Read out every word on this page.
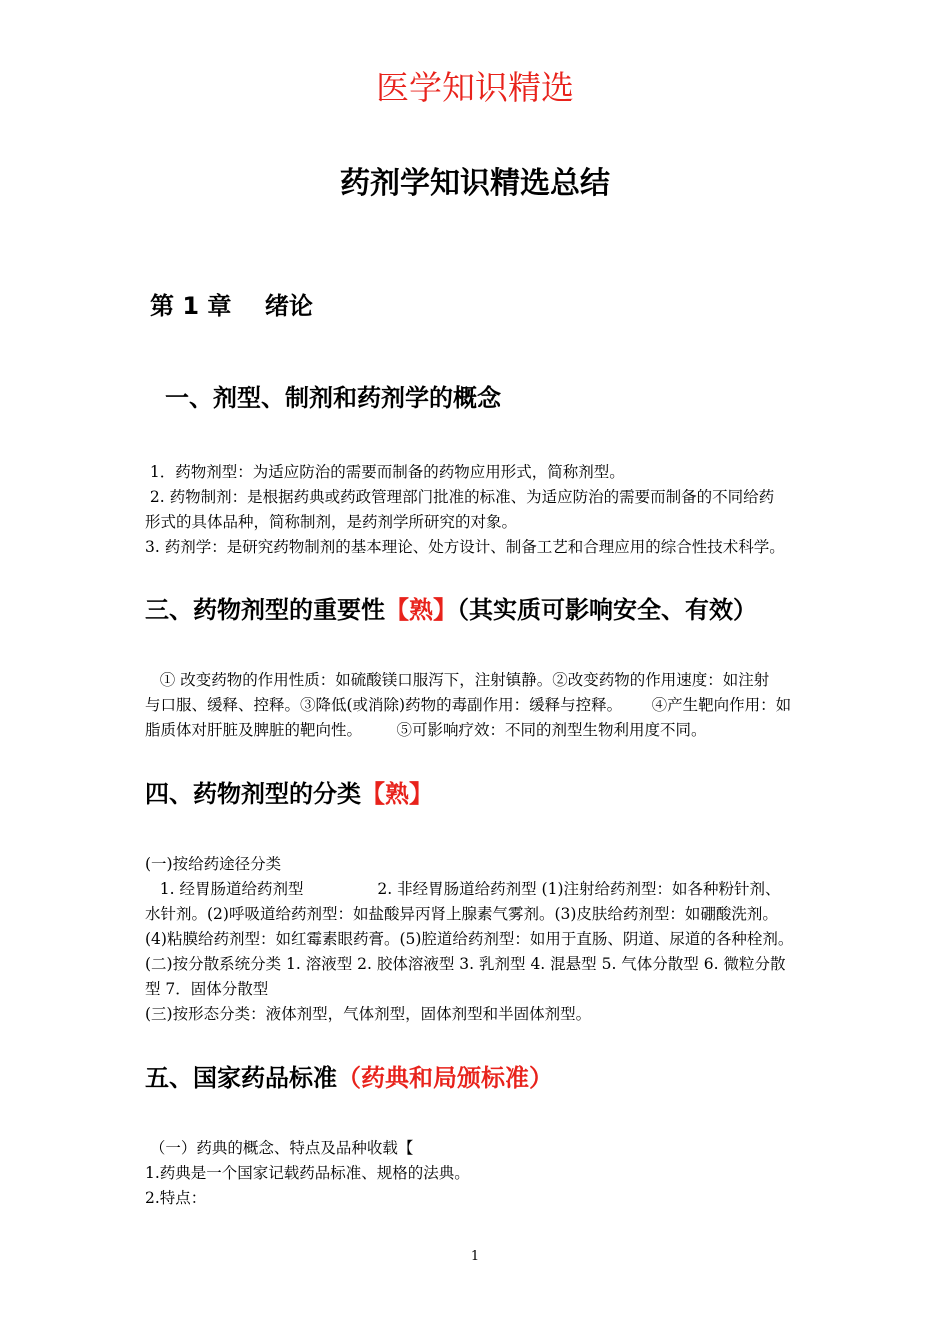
医学知识精选
药剂学知识精选总结
第 1 章    绪论
一、剂型、制剂和药剂学的概念
1．药物剂型：为适应防治的需要而制备的药物应用形式，简称剂型。
2. 药物制剂：是根据药典或药政管理部门批准的标准、为适应防治的需要而制备的不同给药
形式的具体品种，简称制剂，是药剂学所研究的对象。
3. 药剂学：是研究药物制剂的基本理论、处方设计、制备工艺和合理应用的综合性技术科学。
三、药物剂型的重要性【熟】（其实质可影响安全、有效）
① 改变药物的作用性质：如硫酸镁口服泻下，注射镇静。②改变药物的作用速度：如注射
与口服、缓释、控释。③降低(或消除)药物的毒副作用：缓释与控释。      ④产生靶向作用：如
脂质体对肝脏及脾脏的靶向性。       ⑤可影响疗效：不同的剂型生物利用度不同。
四、药物剂型的分类【熟】
(一)按给药途径分类
1. 经胃肠道给药剂型               2. 非经胃肠道给药剂型 (1)注射给药剂型：如各种粉针剂、
水针剂。(2)呼吸道给药剂型：如盐酸异丙肾上腺素气雾剂。(3)皮肤给药剂型：如硼酸洗剂。
(4)粘膜给药剂型：如红霉素眼药膏。(5)腔道给药剂型：如用于直肠、阴道、尿道的各种栓剂。
(二)按分散系统分类 1. 溶液型 2. 胶体溶液型 3. 乳剂型 4. 混悬型 5. 气体分散型 6. 微粒分散
型 7．固体分散型
(三)按形态分类：液体剂型，气体剂型，固体剂型和半固体剂型。
五、国家药品标准（药典和局颁标准）
（一）药典的概念、特点及品种收载【
1.药典是一个国家记载药品标准、规格的法典。
2.特点：
1
